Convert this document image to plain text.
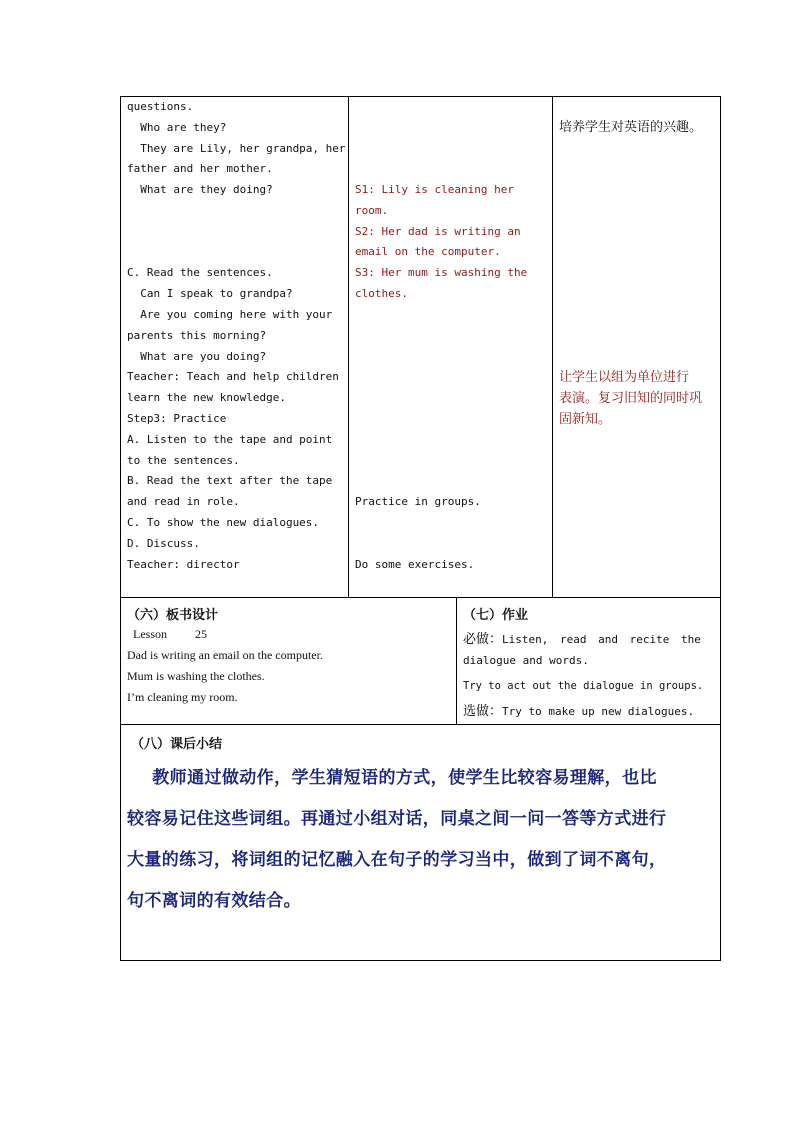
questions.
Who are they?
They are Lily, her grandpa, her
father and her mother.
What are they doing?
C. Read the sentences.
Can I speak to grandpa?
Are you coming here with your
parents this morning?
What are you doing?
Teacher: Teach and help children
learn the new knowledge.
Step3: Practice
A. Listen to the tape and point
to the sentences.
B. Read the text after the tape
and read in role.
C. To show the new dialogues.
D. Discuss.
Teacher: director
S1: Lily is cleaning her
room.
S2: Her dad is writing an
email on the computer.
S3: Her mum is washing the
clothes.
Practice in groups.
Do some exercises.
培养学生对英语的兴趣。
让学生以组为单位进行
表演。复习旧知的同时巩
固新知。
（六）板书设计
Lesson 25
Dad is writing an email on the computer.
Mum is washing the clothes.
I’m cleaning my room.
（七）作业
必做：Listen, read and recite the
dialogue and words.
Try to act out the dialogue in groups.
选做：Try to make up new dialogues.
（八）课后小结
教师通过做动作，学生猜短语的方式，使学生比较容易理解，也比
较容易记住这些词组。再通过小组对话，同桌之间一问一答等方式进行
大量的练习，将词组的记忆融入在句子的学习当中，做到了词不离句，
句不离词的有效结合。
